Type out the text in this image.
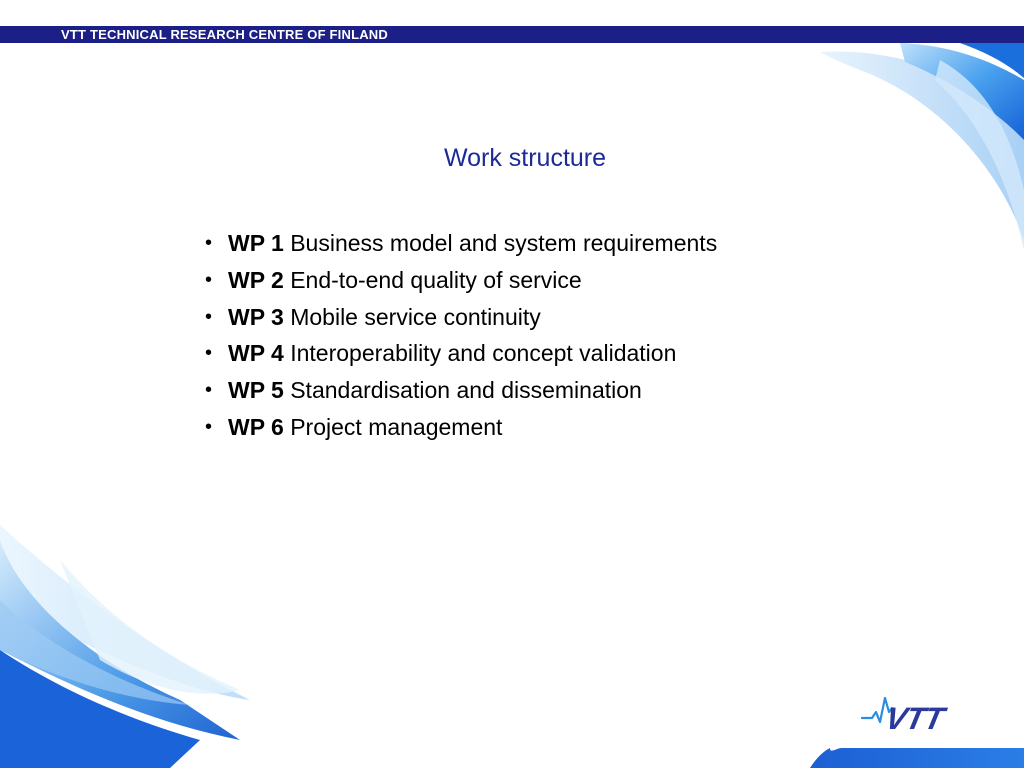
VTT TECHNICAL RESEARCH CENTRE OF FINLAND
Work structure
• WP 1 Business model and system requirements
• WP 2 End-to-end quality of service
• WP 3 Mobile service continuity
• WP 4 Interoperability and concept validation
• WP 5 Standardisation and dissemination
• WP 6 Project management
VTT
